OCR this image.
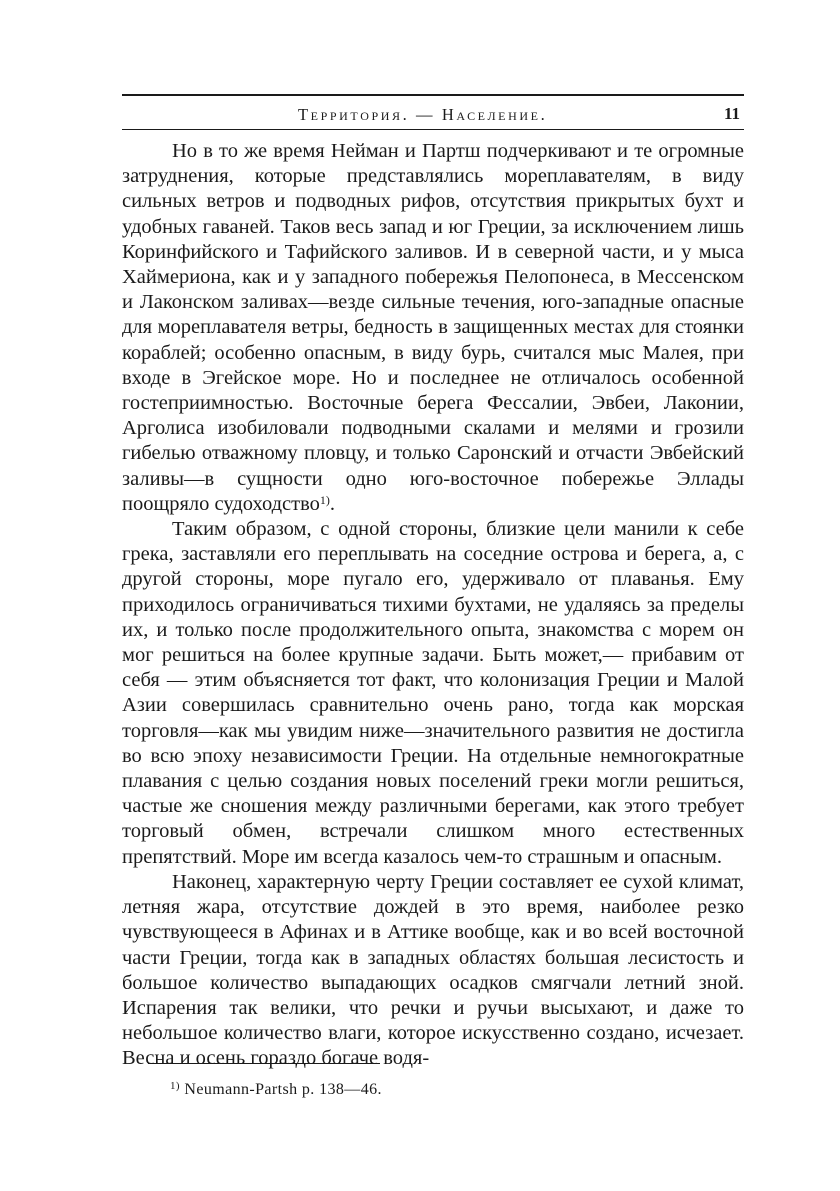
Территория. — Население.	11

Но в то же время Нейман и Партш подчеркивают и те огромные затруднения, которые представлялись мореплавателям, в виду сильных ветров и подводных рифов, отсутствия прикрытых бухт и удобных гаваней. Таков весь запад и юг Греции, за исключением лишь Коринфийского и Тафийского заливов. И в северной части, и у мыса Хаймериона, как и у западного побережья Пелопонеса, в Мессенском и Лаконском заливах—везде сильные течения, юго-западные опасные для мореплавателя ветры, бедность в защищенных местах для стоянки кораблей; особенно опасным, в виду бурь, считался мыс Малея, при входе в Эгейское море. Но и последнее не отличалось особенной гостеприимностью. Восточные берега Фессалии, Эвбеи, Лаконии, Арголиса изобиловали подводными скалами и мелями и грозили гибелью отважному пловцу, и только Саронский и отчасти Эвбейский заливы—в сущности одно юго-восточное побережье Эллады поощряло судоходство$^{1)}$.

Таким образом, с одной стороны, близкие цели манили к себе грека, заставляли его переплывать на соседние острова и берега, а, с другой стороны, море пугало его, удерживало от плаванья. Ему приходилось ограничиваться тихими бухтами, не удаляясь за пределы их, и только после продолжительного опыта, знакомства с морем он мог решиться на более крупные задачи. Быть может,— прибавим от себя — этим объясняется тот факт, что колонизация Греции и Малой Азии совершилась сравнительно очень рано, тогда как морская торговля—как мы увидим ниже—значительного развития не достигла во всю эпоху независимости Греции. На отдельные немногократные плавания с целью создания новых поселений греки могли решиться, частые же сношения между различными берегами, как этого требует торговый обмен, встречали слишком много естественных препятствий. Море им всегда казалось чем-то страшным и опасным.

Наконец, характерную черту Греции составляет ее сухой климат, летняя жара, отсутствие дождей в это время, наиболее резко чувствующееся в Афинах и в Аттике вообще, как и во всей восточной части Греции, тогда как в западных областях большая лесистость и большое количество выпадающих осадков смягчали летний зной. Испарения так велики, что речки и ручьи высыхают, и даже то небольшое количество влаги, которое искусственно создано, исчезает. Весна и осень гораздо богаче водя-

$^{1)}$ Neumann-Partsh p. 138—46.
